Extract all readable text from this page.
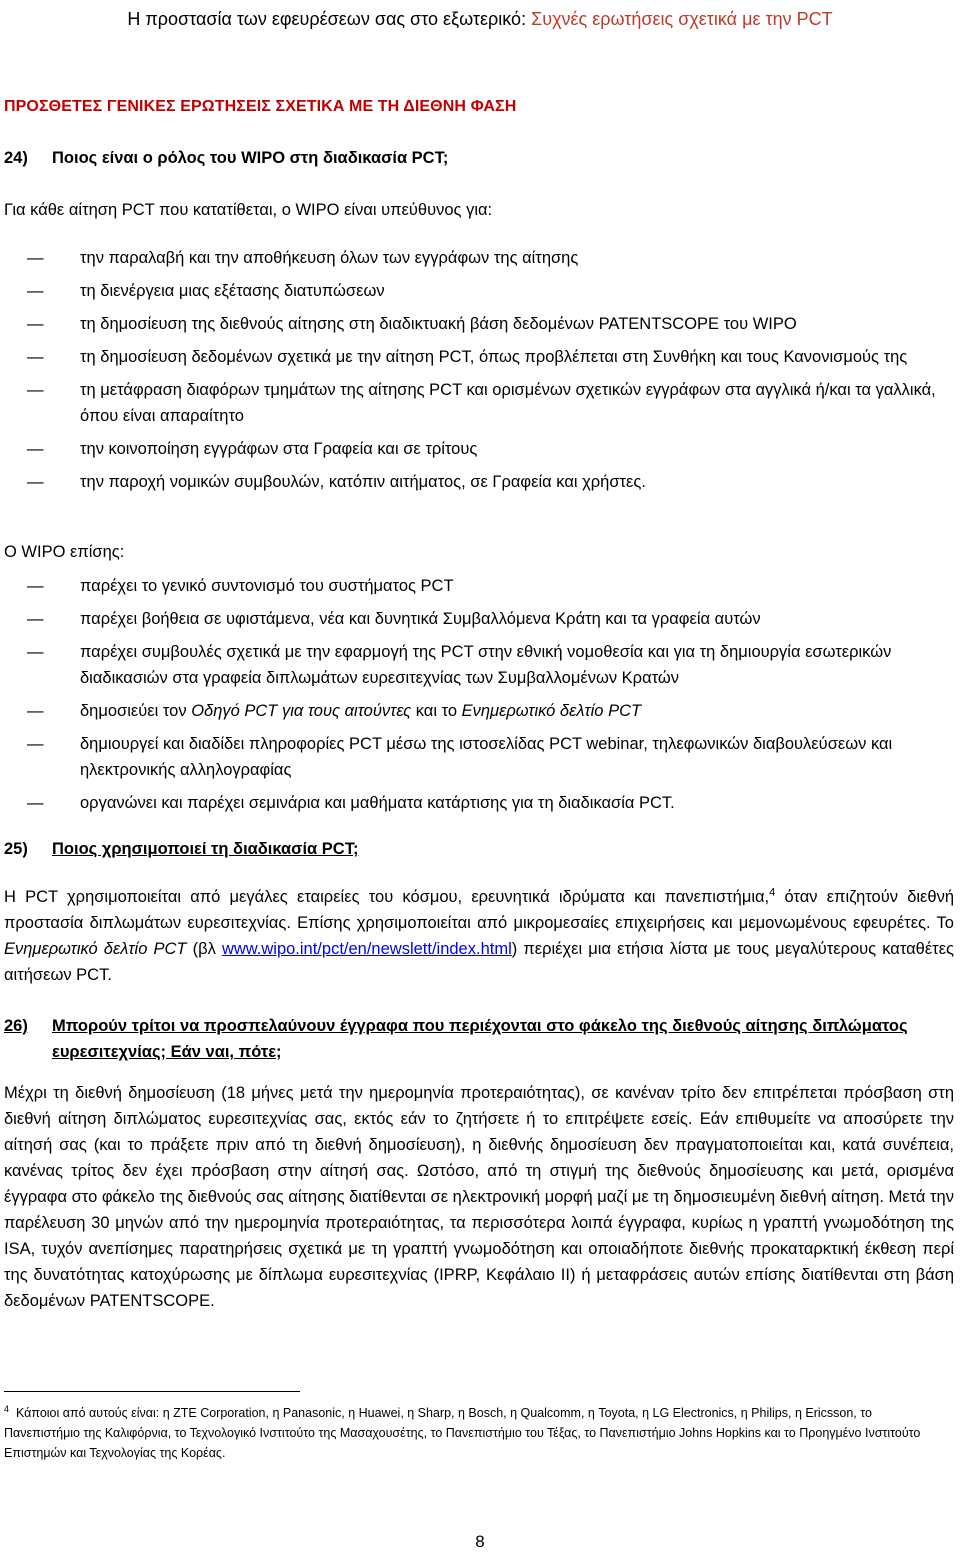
Η προστασία των εφευρέσεων σας στο εξωτερικό: Συχνές ερωτήσεις σχετικά με την PCT
ΠΡΟΣΘΕΤΕΣ ΓΕΝΙΚΕΣ ΕΡΩΤΗΣΕΙΣ ΣΧΕΤΙΚΑ ΜΕ ΤΗ ΔΙΕΘΝΗ ΦΑΣΗ
24) Ποιος είναι ο ρόλος του WIPO στη διαδικασία PCT;
Για κάθε αίτηση PCT που κατατίθεται, ο WIPO είναι υπεύθυνος για:
— την παραλαβή και την αποθήκευση όλων των εγγράφων της αίτησης
— τη διενέργεια μιας εξέτασης διατυπώσεων
— τη δημοσίευση της διεθνούς αίτησης στη διαδικτυακή βάση δεδομένων PATENTSCOPE του WIPO
— τη δημοσίευση δεδομένων σχετικά με την αίτηση PCT, όπως προβλέπεται στη Συνθήκη και τους Κανονισμούς της
— τη μετάφραση διαφόρων τμημάτων της αίτησης PCT και ορισμένων σχετικών εγγράφων στα αγγλικά ή/και τα γαλλικά, όπου είναι απαραίτητο
— την κοινοποίηση εγγράφων στα Γραφεία και σε τρίτους
— την παροχή νομικών συμβουλών, κατόπιν αιτήματος, σε Γραφεία και χρήστες.
Ο WIPO επίσης:
— παρέχει το γενικό συντονισμό του συστήματος PCT
— παρέχει βοήθεια σε υφιστάμενα, νέα και δυνητικά Συμβαλλόμενα Κράτη και τα γραφεία αυτών
— παρέχει συμβουλές σχετικά με την εφαρμογή της PCT στην εθνική νομοθεσία και για τη δημιουργία εσωτερικών διαδικασιών στα γραφεία διπλωμάτων ευρεσιτεχνίας των Συμβαλλομένων Κρατών
— δημοσιεύει τον Οδηγό PCT για τους αιτούντες και το Ενημερωτικό δελτίο PCT
— δημιουργεί και διαδίδει πληροφορίες PCT μέσω της ιστοσελίδας PCT webinar, τηλεφωνικών διαβουλεύσεων και ηλεκτρονικής αλληλογραφίας
— οργανώνει και παρέχει σεμινάρια και μαθήματα κατάρτισης για τη διαδικασία PCT.
25) Ποιος χρησιμοποιεί τη διαδικασία PCT;
Η PCT χρησιμοποιείται από μεγάλες εταιρείες του κόσμου, ερευνητικά ιδρύματα και πανεπιστήμια,$^4$ όταν επιζητούν διεθνή προστασία διπλωμάτων ευρεσιτεχνίας. Επίσης χρησιμοποιείται από μικρομεσαίες επιχειρήσεις και μεμονωμένους εφευρέτες. Το Ενημερωτικό δελτίο PCT (βλ www.wipo.int/pct/en/newslett/index.html) περιέχει μια ετήσια λίστα με τους μεγαλύτερους καταθέτες αιτήσεων PCT.
26)	Μπορούν τρίτοι να προσπελαύνουν έγγραφα που περιέχονται στο φάκελο της διεθνούς αίτησης διπλώματος ευρεσιτεχνίας; Εάν ναι, πότε;
Μέχρι τη διεθνή δημοσίευση (18 μήνες μετά την ημερομηνία προτεραιότητας), σε κανέναν τρίτο δεν επιτρέπεται πρόσβαση στη διεθνή αίτηση διπλώματος ευρεσιτεχνίας σας, εκτός εάν το ζητήσετε ή το επιτρέψετε εσείς. Εάν επιθυμείτε να αποσύρετε την αίτησή σας (και το πράξετε πριν από τη διεθνή δημοσίευση), η διεθνής δημοσίευση δεν πραγματοποιείται και, κατά συνέπεια, κανένας τρίτος δεν έχει πρόσβαση στην αίτησή σας. Ωστόσο, από τη στιγμή της διεθνούς δημοσίευσης και μετά, ορισμένα έγγραφα στο φάκελο της διεθνούς σας αίτησης διατίθενται σε ηλεκτρονική μορφή μαζί με τη δημοσιευμένη διεθνή αίτηση. Μετά την παρέλευση 30 μηνών από την ημερομηνία προτεραιότητας, τα περισσότερα λοιπά έγγραφα, κυρίως η γραπτή γνωμοδότηση της ISA, τυχόν ανεπίσημες παρατηρήσεις σχετικά με τη γραπτή γνωμοδότηση και οποιαδήποτε διεθνής προκαταρκτική έκθεση περί της δυνατότητας κατοχύρωσης με δίπλωμα ευρεσιτεχνίας (IPRP, Κεφάλαιο II) ή μεταφράσεις αυτών επίσης διατίθενται στη βάση δεδομένων PATENTSCOPE.
$^4$ Κάποιοι από αυτούς είναι: η ZTE Corporation, η Panasonic, η Huawei, η Sharp, η Bosch, η Qualcomm, η Toyota, η LG Electronics, η Philips, η Ericsson, το Πανεπιστήμιο της Καλιφόρνια, το Τεχνολογικό Ινστιτούτο της Μασαχουσέτης, το Πανεπιστήμιο του Τέξας, το Πανεπιστήμιο Johns Hopkins και το Προηγμένο Ινστιτούτο Επιστημών και Τεχνολογίας της Κορέας.
8
